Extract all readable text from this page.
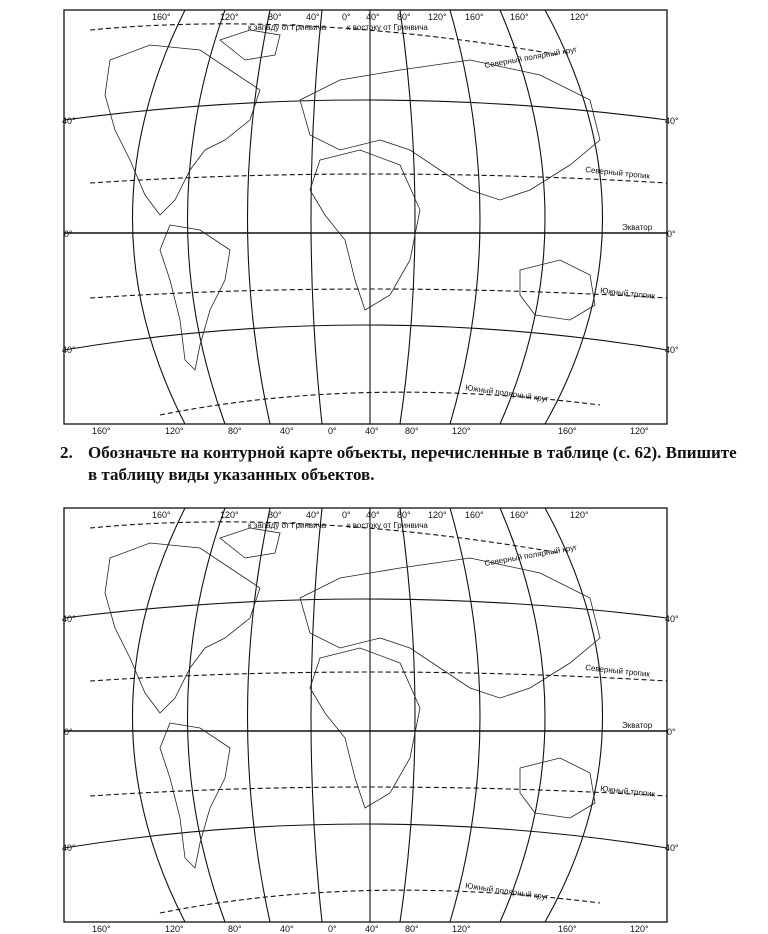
160°	120°	80°	40° 0° 40° 80° 120° 160°	160°	120°
к западу от Гринвича	к востоку от Гринвича
160°	120°	80°	40°	0°	40°	80°	120°	160°	120°
40°
0°
40°
40°
0°
40°
Северный полярный круг
Северный тропик
Экватор
Южный тропик
Южный полярный круг
2. Обозначьте на контурной карте объекты, перечисленные в таблице (с. 62). Впишите в таблицу виды указанных объектов.
160°	120°	80°	40° 0° 40° 80° 120° 160°	160°	120°
к западу от Гринвича	к востоку от Гринвича
160°	120°	80°	40°	0°	40°	80°	120°	160°	120°
40°
0°
40°
40°
0°
40°
Северный полярный круг
Северный тропик
Экватор
Южный тропик
Южный полярный круг
